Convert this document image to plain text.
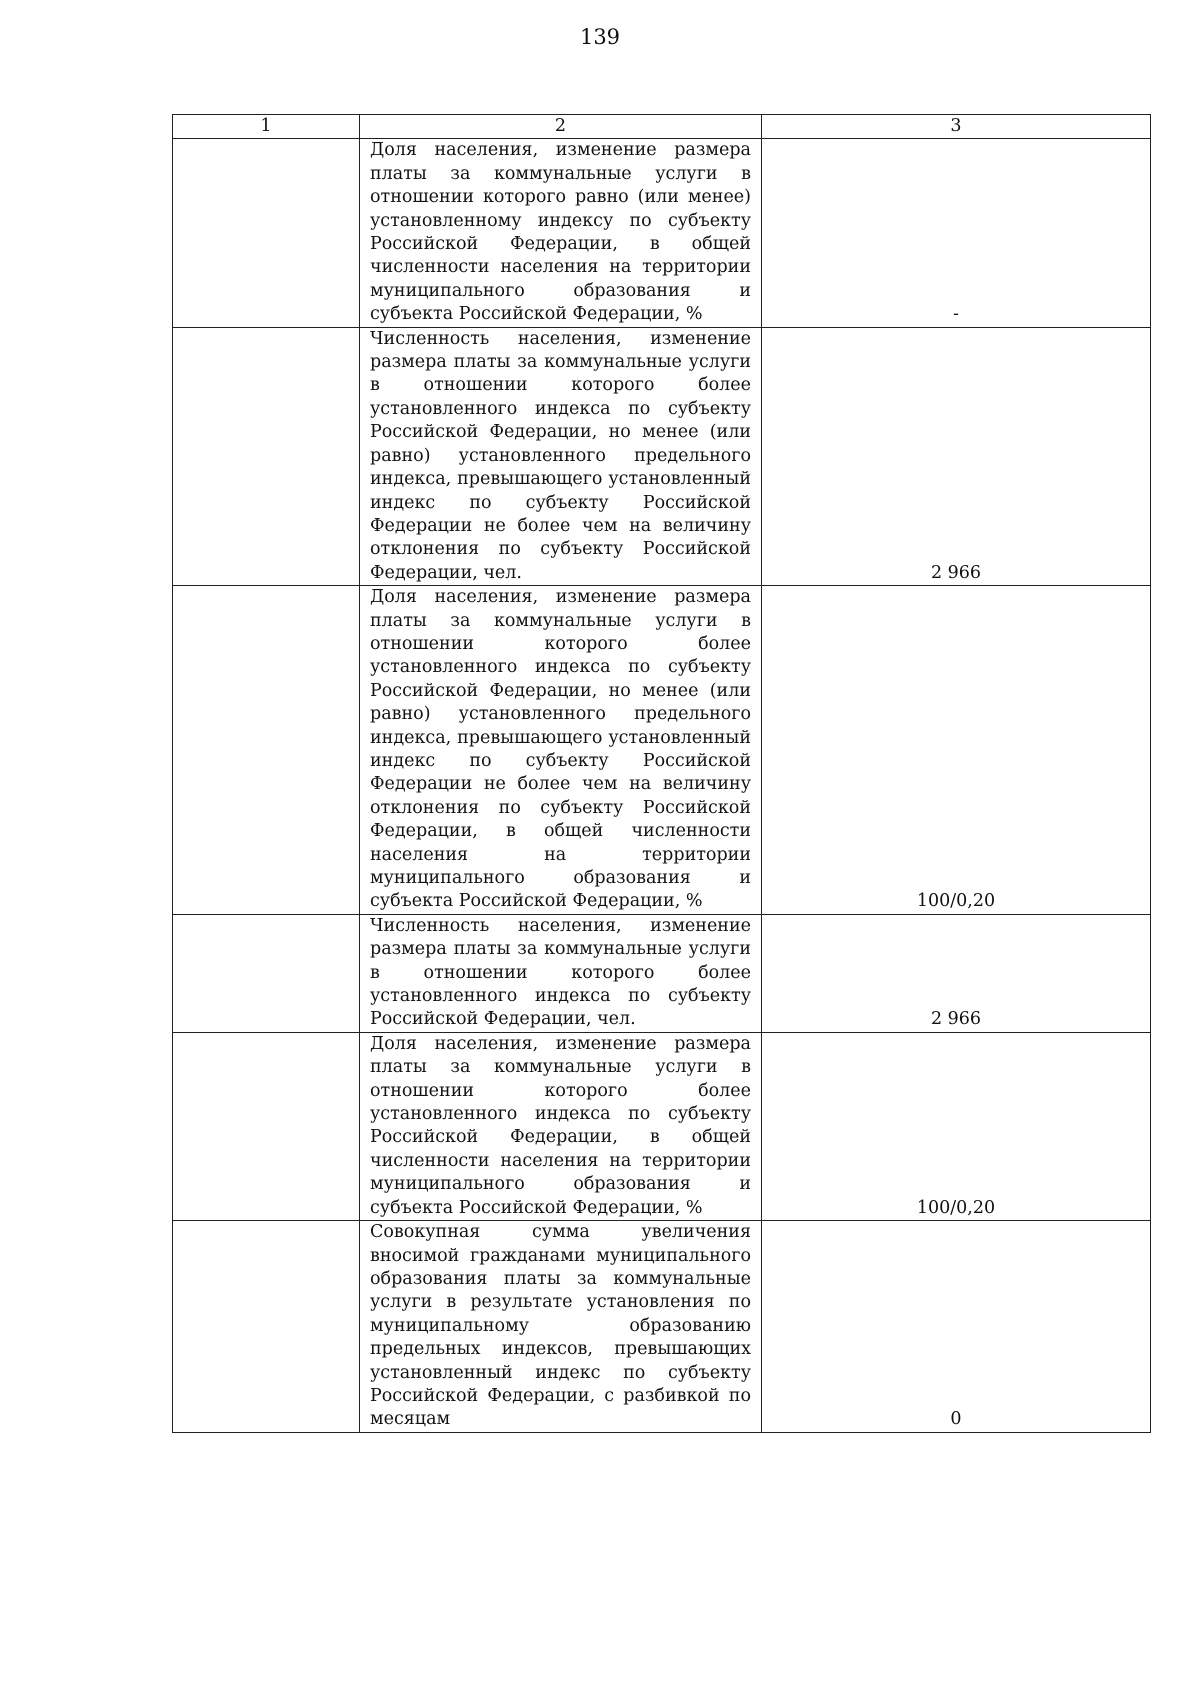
139
1	2	3

	Доля населения, изменение размера платы за коммунальные услуги в отношении которого равно (или менее) установленному индексу по субъекту Российской Федерации, в общей численности населения на территории муниципального образования и субъекта Российской Федерации, %	-

	Численность населения, изменение размера платы за коммунальные услуги в отношении которого более установленного индекса по субъекту Российской Федерации, но менее (или равно) установленного предельного индекса, превышающего установленный индекс по субъекту Российской Федерации не более чем на величину отклонения по субъекту Российской Федерации, чел.	2 966

	Доля населения, изменение размера платы за коммунальные услуги в отношении которого более установленного индекса по субъекту Российской Федерации, но менее (или равно) установленного предельного индекса, превышающего установленный индекс по субъекту Российской Федерации не более чем на величину отклонения по субъекту Российской Федерации, в общей численности населения на территории муниципального образования и субъекта Российской Федерации, %	100/0,20

	Численность населения, изменение размера платы за коммунальные услуги в отношении которого более установленного индекса по субъекту Российской Федерации, чел.	2 966

	Доля населения, изменение размера платы за коммунальные услуги в отношении которого более установленного индекса по субъекту Российской Федерации, в общей численности населения на территории муниципального образования и субъекта Российской Федерации, %	100/0,20

	Совокупная сумма увеличения вносимой гражданами муниципального образования платы за коммунальные услуги в результате установления по муниципальному образованию предельных индексов, превышающих установленный индекс по субъекту Российской Федерации, с разбивкой по месяцам	0
